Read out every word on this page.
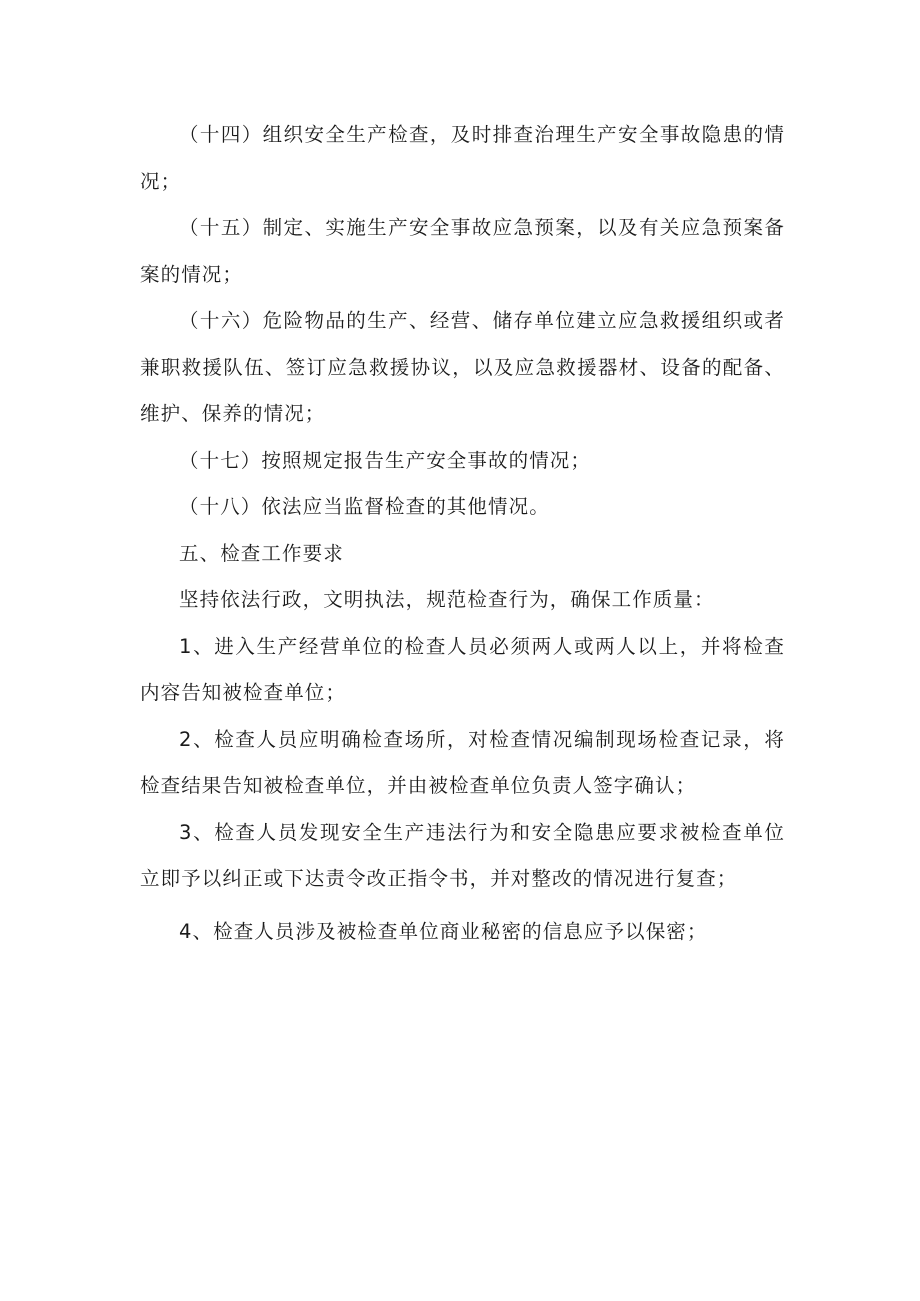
（十四）组织安全生产检查，及时排查治理生产安全事故隐患的情况；

（十五）制定、实施生产安全事故应急预案，以及有关应急预案备案的情况；

（十六）危险物品的生产、经营、储存单位建立应急救援组织或者兼职救援队伍、签订应急救援协议，以及应急救援器材、设备的配备、维护、保养的情况；

（十七）按照规定报告生产安全事故的情况；

（十八）依法应当监督检查的其他情况。

五、检查工作要求

坚持依法行政，文明执法，规范检查行为，确保工作质量：

1、进入生产经营单位的检查人员必须两人或两人以上，并将检查内容告知被检查单位；

2、检查人员应明确检查场所，对检查情况编制现场检查记录，将检查结果告知被检查单位，并由被检查单位负责人签字确认；

3、检查人员发现安全生产违法行为和安全隐患应要求被检查单位立即予以纠正或下达责令改正指令书，并对整改的情况进行复查；

4、检查人员涉及被检查单位商业秘密的信息应予以保密；
